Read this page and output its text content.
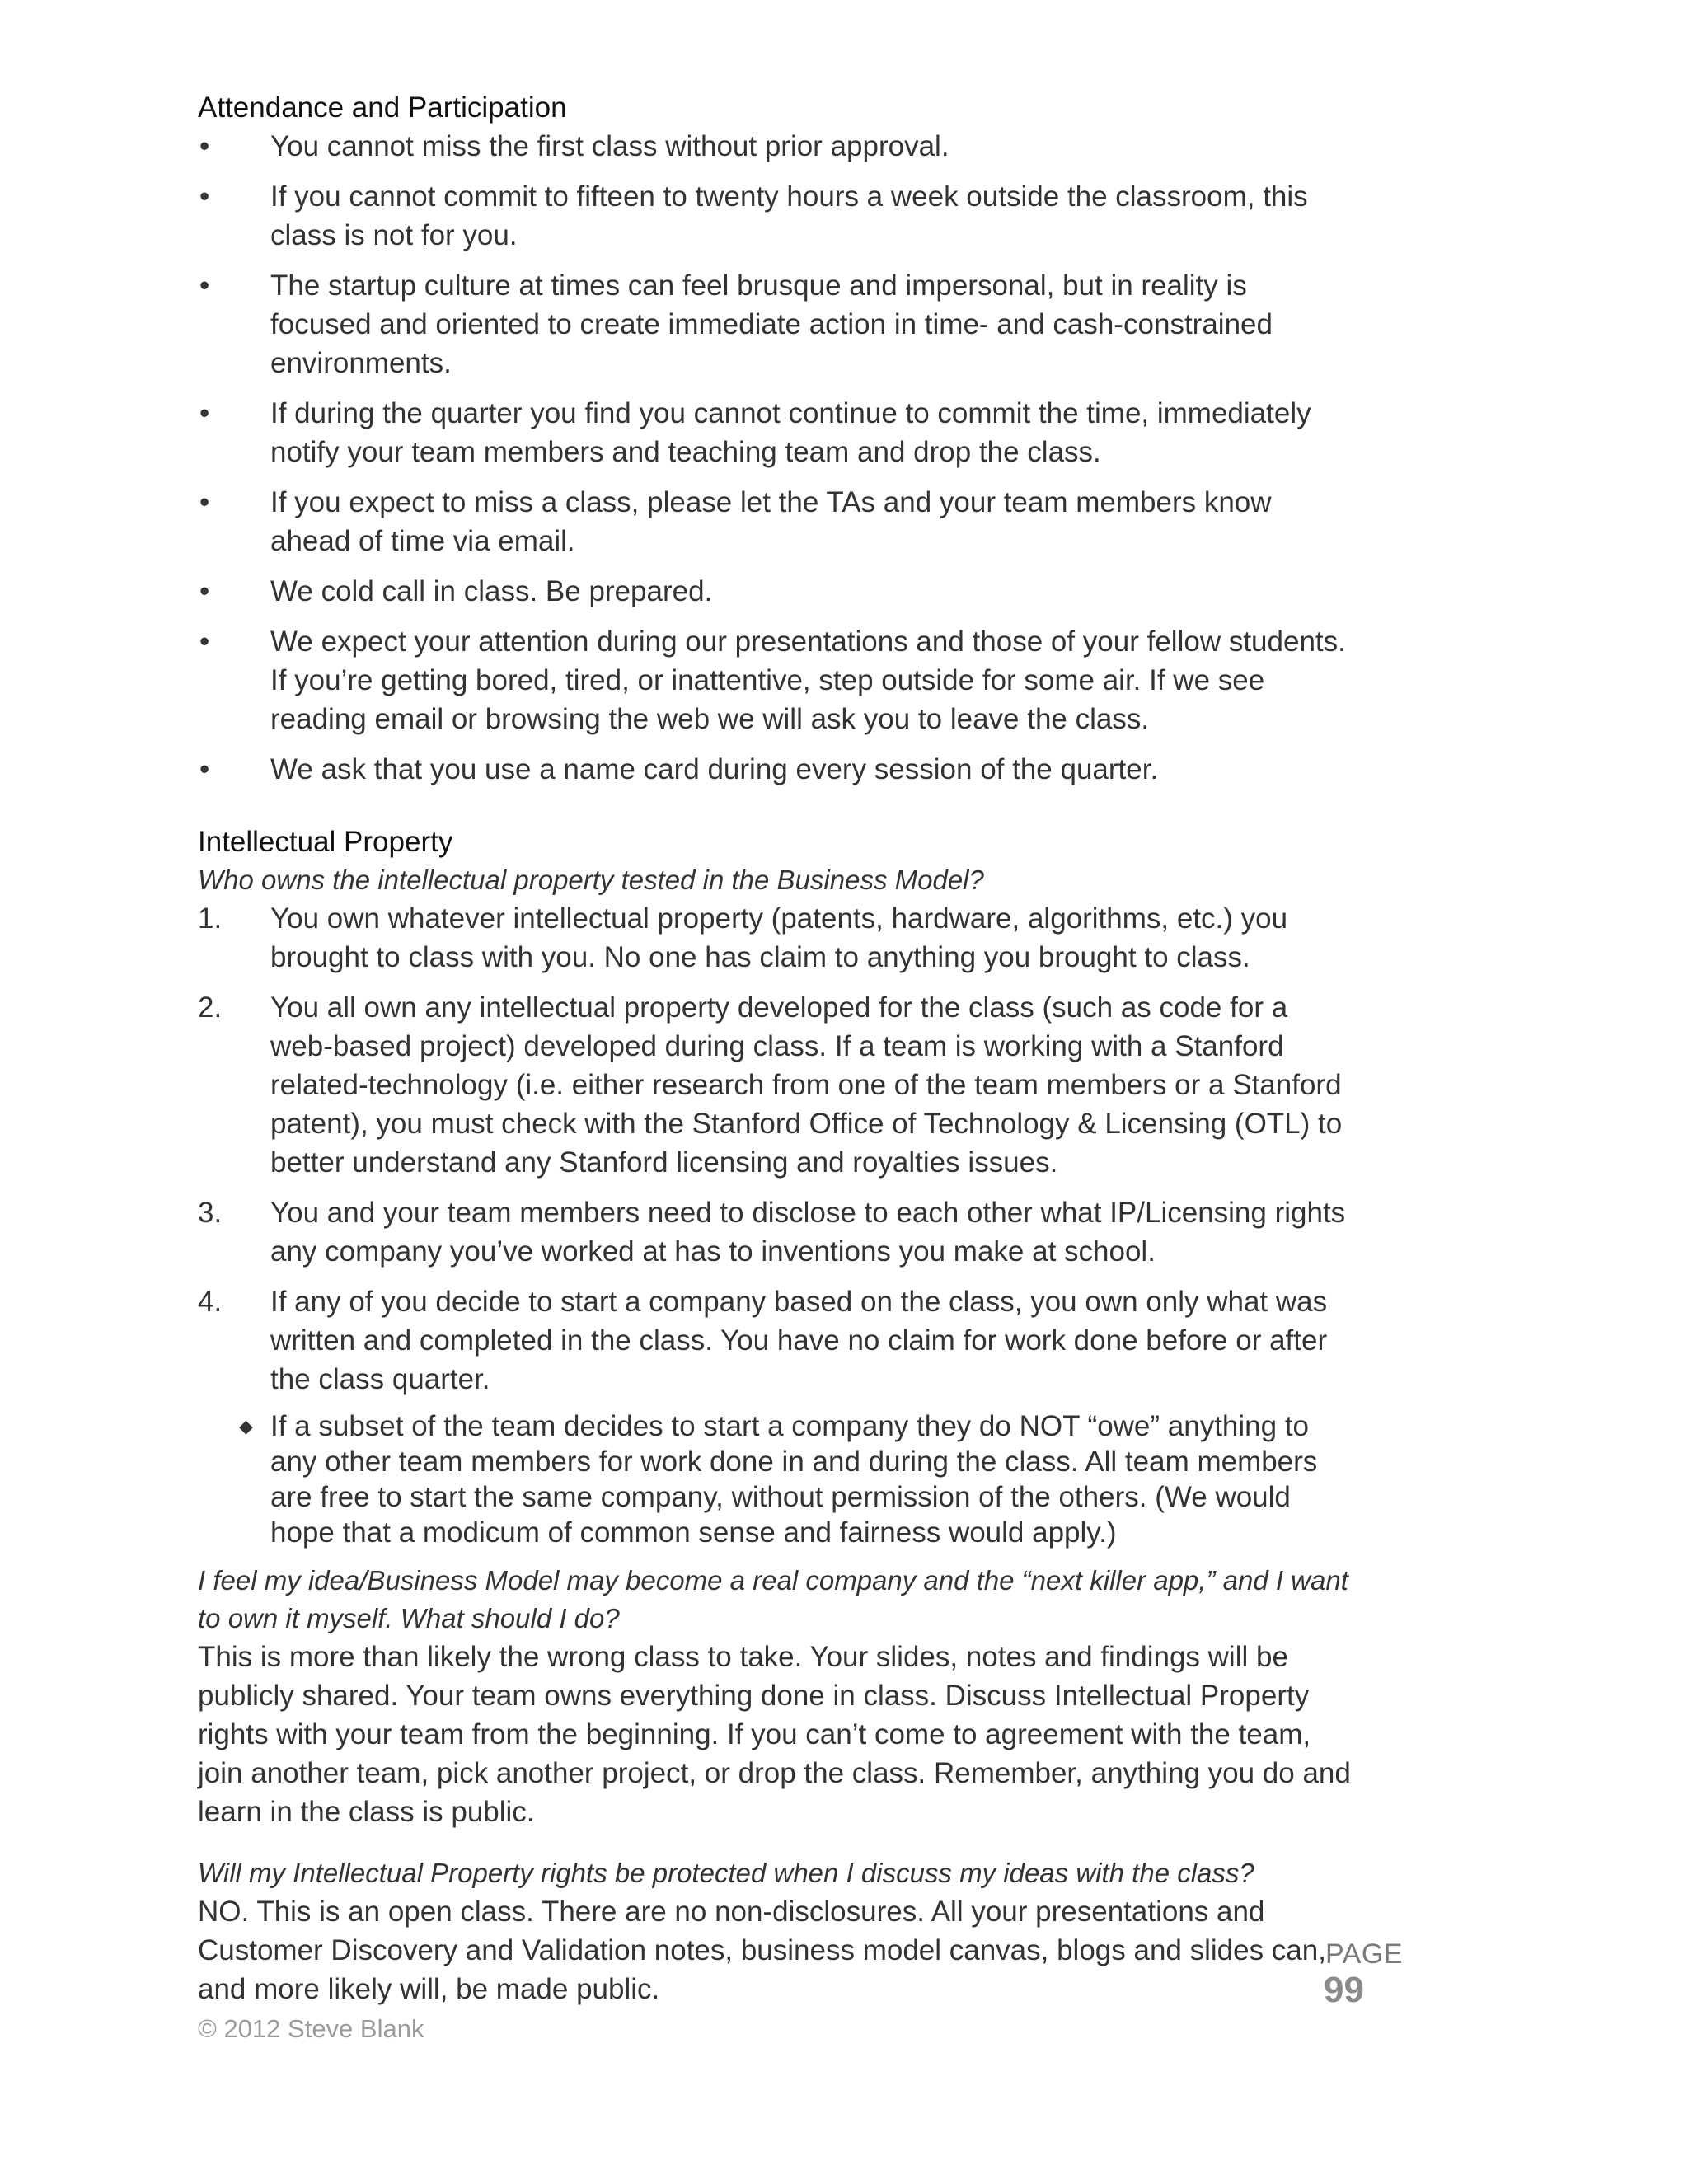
Attendance and Participation
•	You cannot miss the first class without prior approval.
•	If you cannot commit to fifteen to twenty hours a week outside the classroom, this class is not for you.
•	The startup culture at times can feel brusque and impersonal, but in reality is focused and oriented to create immediate action in time- and cash-constrained environments.
•	If during the quarter you find you cannot continue to commit the time, immediately notify your team members and teaching team and drop the class.
•	If you expect to miss a class, please let the TAs and your team members know ahead of time via email.
•	We cold call in class. Be prepared.
•	We expect your attention during our presentations and those of your fellow students. If you’re getting bored, tired, or inattentive, step outside for some air. If we see reading email or browsing the web we will ask you to leave the class.
•	We ask that you use a name card during every session of the quarter.
Intellectual Property

Who owns the intellectual property tested in the Business Model?

1.	You own whatever intellectual property (patents, hardware, algorithms, etc.) you brought to class with you. No one has claim to anything you brought to class.
2.	You all own any intellectual property developed for the class (such as code for a web-based project) developed during class. If a team is working with a Stanford related-technology (i.e. either research from one of the team members or a Stanford patent), you must check with the Stanford Office of Technology & Licensing (OTL) to better understand any Stanford licensing and royalties issues.
3.	You and your team members need to disclose to each other what IP/Licensing rights any company you’ve worked at has to inventions you make at school.
4.	If any of you decide to start a company based on the class, you own only what was written and completed in the class. You have no claim for work done before or after the class quarter.
◆ If a subset of the team decides to start a company they do NOT “owe” anything to any other team members for work done in and during the class. All team members are free to start the same company, without permission of the others. (We would hope that a modicum of common sense and fairness would apply.)

I feel my idea/Business Model may become a real company and the “next killer app,” and I want to own it myself. What should I do?

This is more than likely the wrong class to take. Your slides, notes and findings will be publicly shared. Your team owns everything done in class. Discuss Intellectual Property rights with your team from the beginning. If you can’t come to agreement with the team, join another team, pick another project, or drop the class. Remember, anything you do and learn in the class is public.

Will my Intellectual Property rights be protected when I discuss my ideas with the class?

NO. This is an open class. There are no non-disclosures. All your presentations and Customer Discovery and Validation notes, business model canvas, blogs and slides can, and more likely will, be made public.

PAGE
99
© 2012 Steve Blank
